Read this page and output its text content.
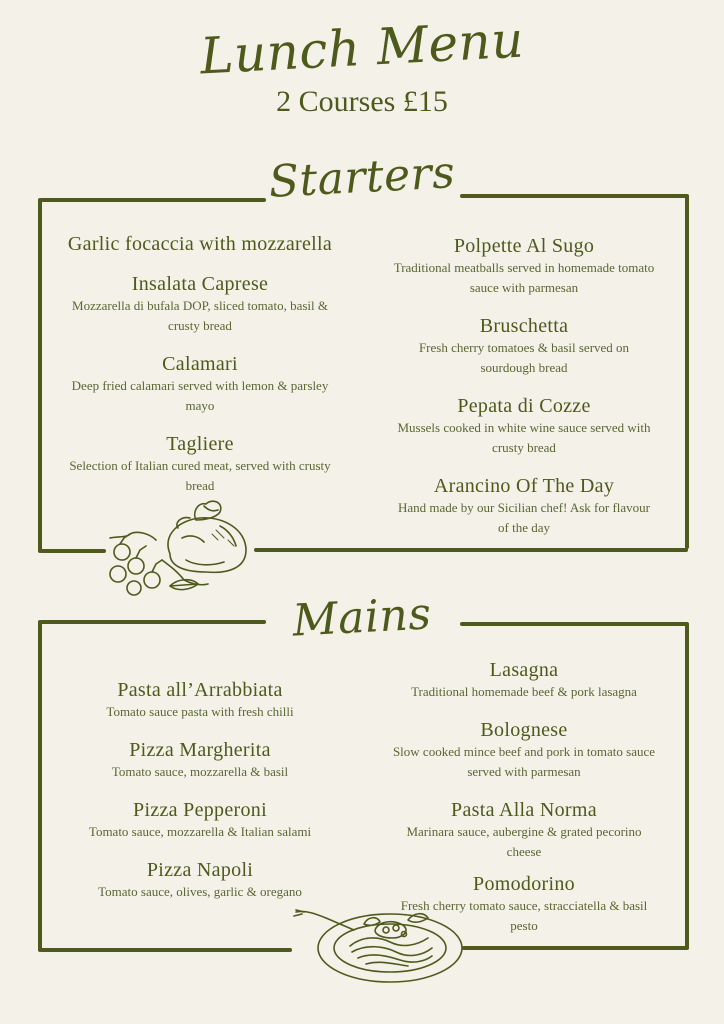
Lunch Menu
2 Courses £15
Starters
Garlic focaccia with mozzarella
Insalata Caprese
Mozzarella di bufala DOP, sliced tomato, basil & crusty bread
Calamari
Deep fried calamari served with lemon & parsley mayo
Tagliere
Selection of Italian cured meat, served with crusty bread
Polpette Al Sugo
Traditional meatballs served in homemade tomato sauce with parmesan
Bruschetta
Fresh cherry tomatoes & basil served on sourdough bread
Pepata di Cozze
Mussels cooked in white wine sauce served with crusty bread
Arancino Of The Day
Hand made by our Sicilian chef! Ask for flavour of the day
Mains
Pasta all’Arrabbiata
Tomato sauce pasta with fresh chilli
Pizza Margherita
Tomato sauce, mozzarella & basil
Pizza Pepperoni
Tomato sauce, mozzarella & Italian salami
Pizza Napoli
Tomato sauce, olives, garlic & oregano
Lasagna
Traditional homemade beef & pork lasagna
Bolognese
Slow cooked mince beef and pork in tomato sauce served with parmesan
Pasta Alla Norma
Marinara sauce, aubergine & grated pecorino cheese
Pomodorino
Fresh cherry tomato sauce, stracciatella & basil pesto
